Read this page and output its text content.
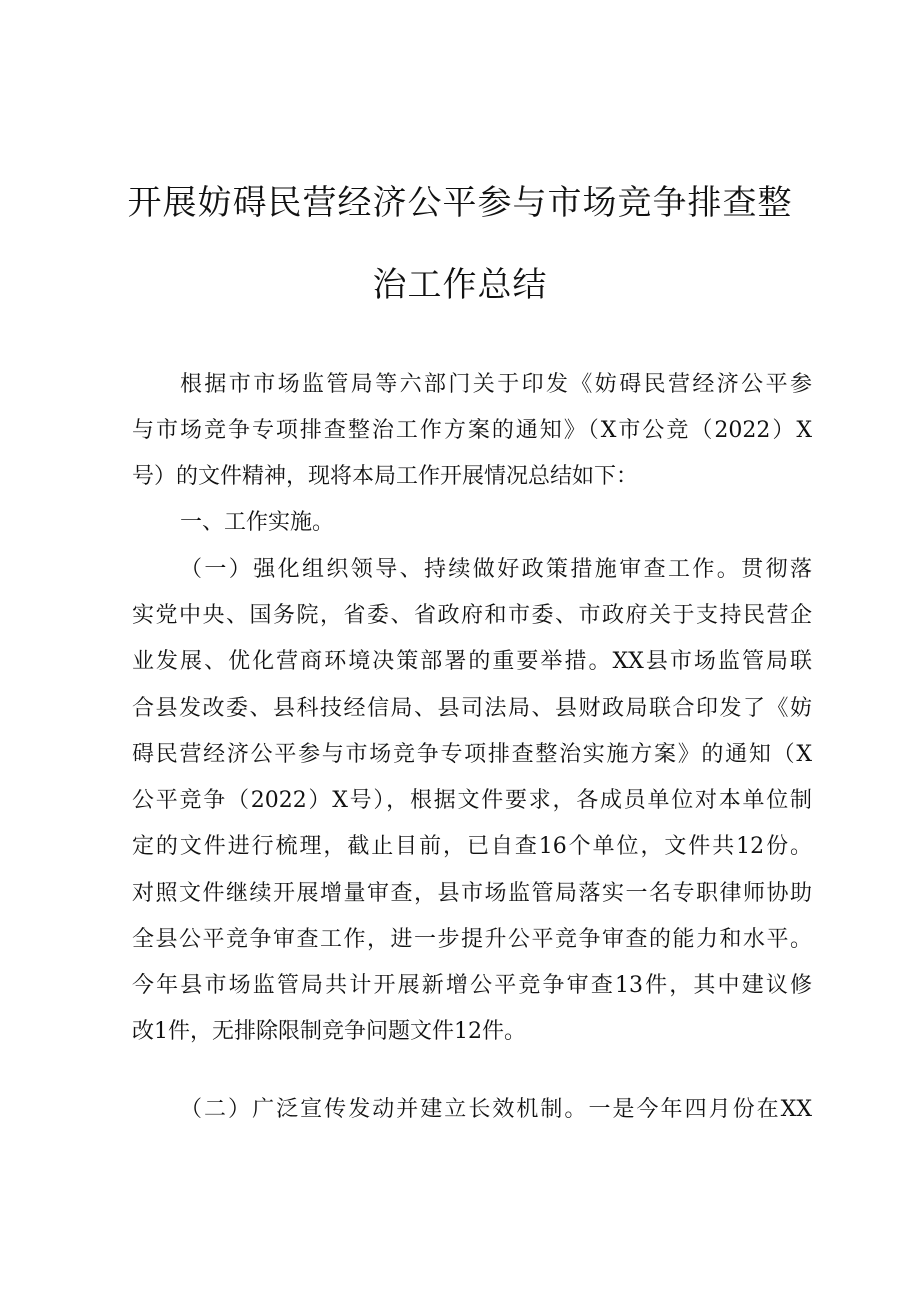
开展妨碍民营经济公平参与市场竞争排查整
治工作总结
根据市市场监管局等六部门关于印发《妨碍民营经济公平参
与市场竞争专项排查整治工作方案的通知》（X市公竞（2022）X
号）的文件精神，现将本局工作开展情况总结如下：
一、工作实施。
（一）强化组织领导、持续做好政策措施审查工作。贯彻落
实党中央、国务院，省委、省政府和市委、市政府关于支持民营企
业发展、优化营商环境决策部署的重要举措。XX县市场监管局联
合县发改委、县科技经信局、县司法局、县财政局联合印发了《妨
碍民营经济公平参与市场竞争专项排查整治实施方案》的通知（X
公平竞争（2022）X号），根据文件要求，各成员单位对本单位制
定的文件进行梳理，截止目前，已自查16个单位，文件共12份。
对照文件继续开展增量审查，县市场监管局落实一名专职律师协助
全县公平竞争审查工作，进一步提升公平竞争审查的能力和水平。
今年县市场监管局共计开展新增公平竞争审查13件，其中建议修
改1件，无排除限制竞争问题文件12件。
（二）广泛宣传发动并建立长效机制。一是今年四月份在XX
